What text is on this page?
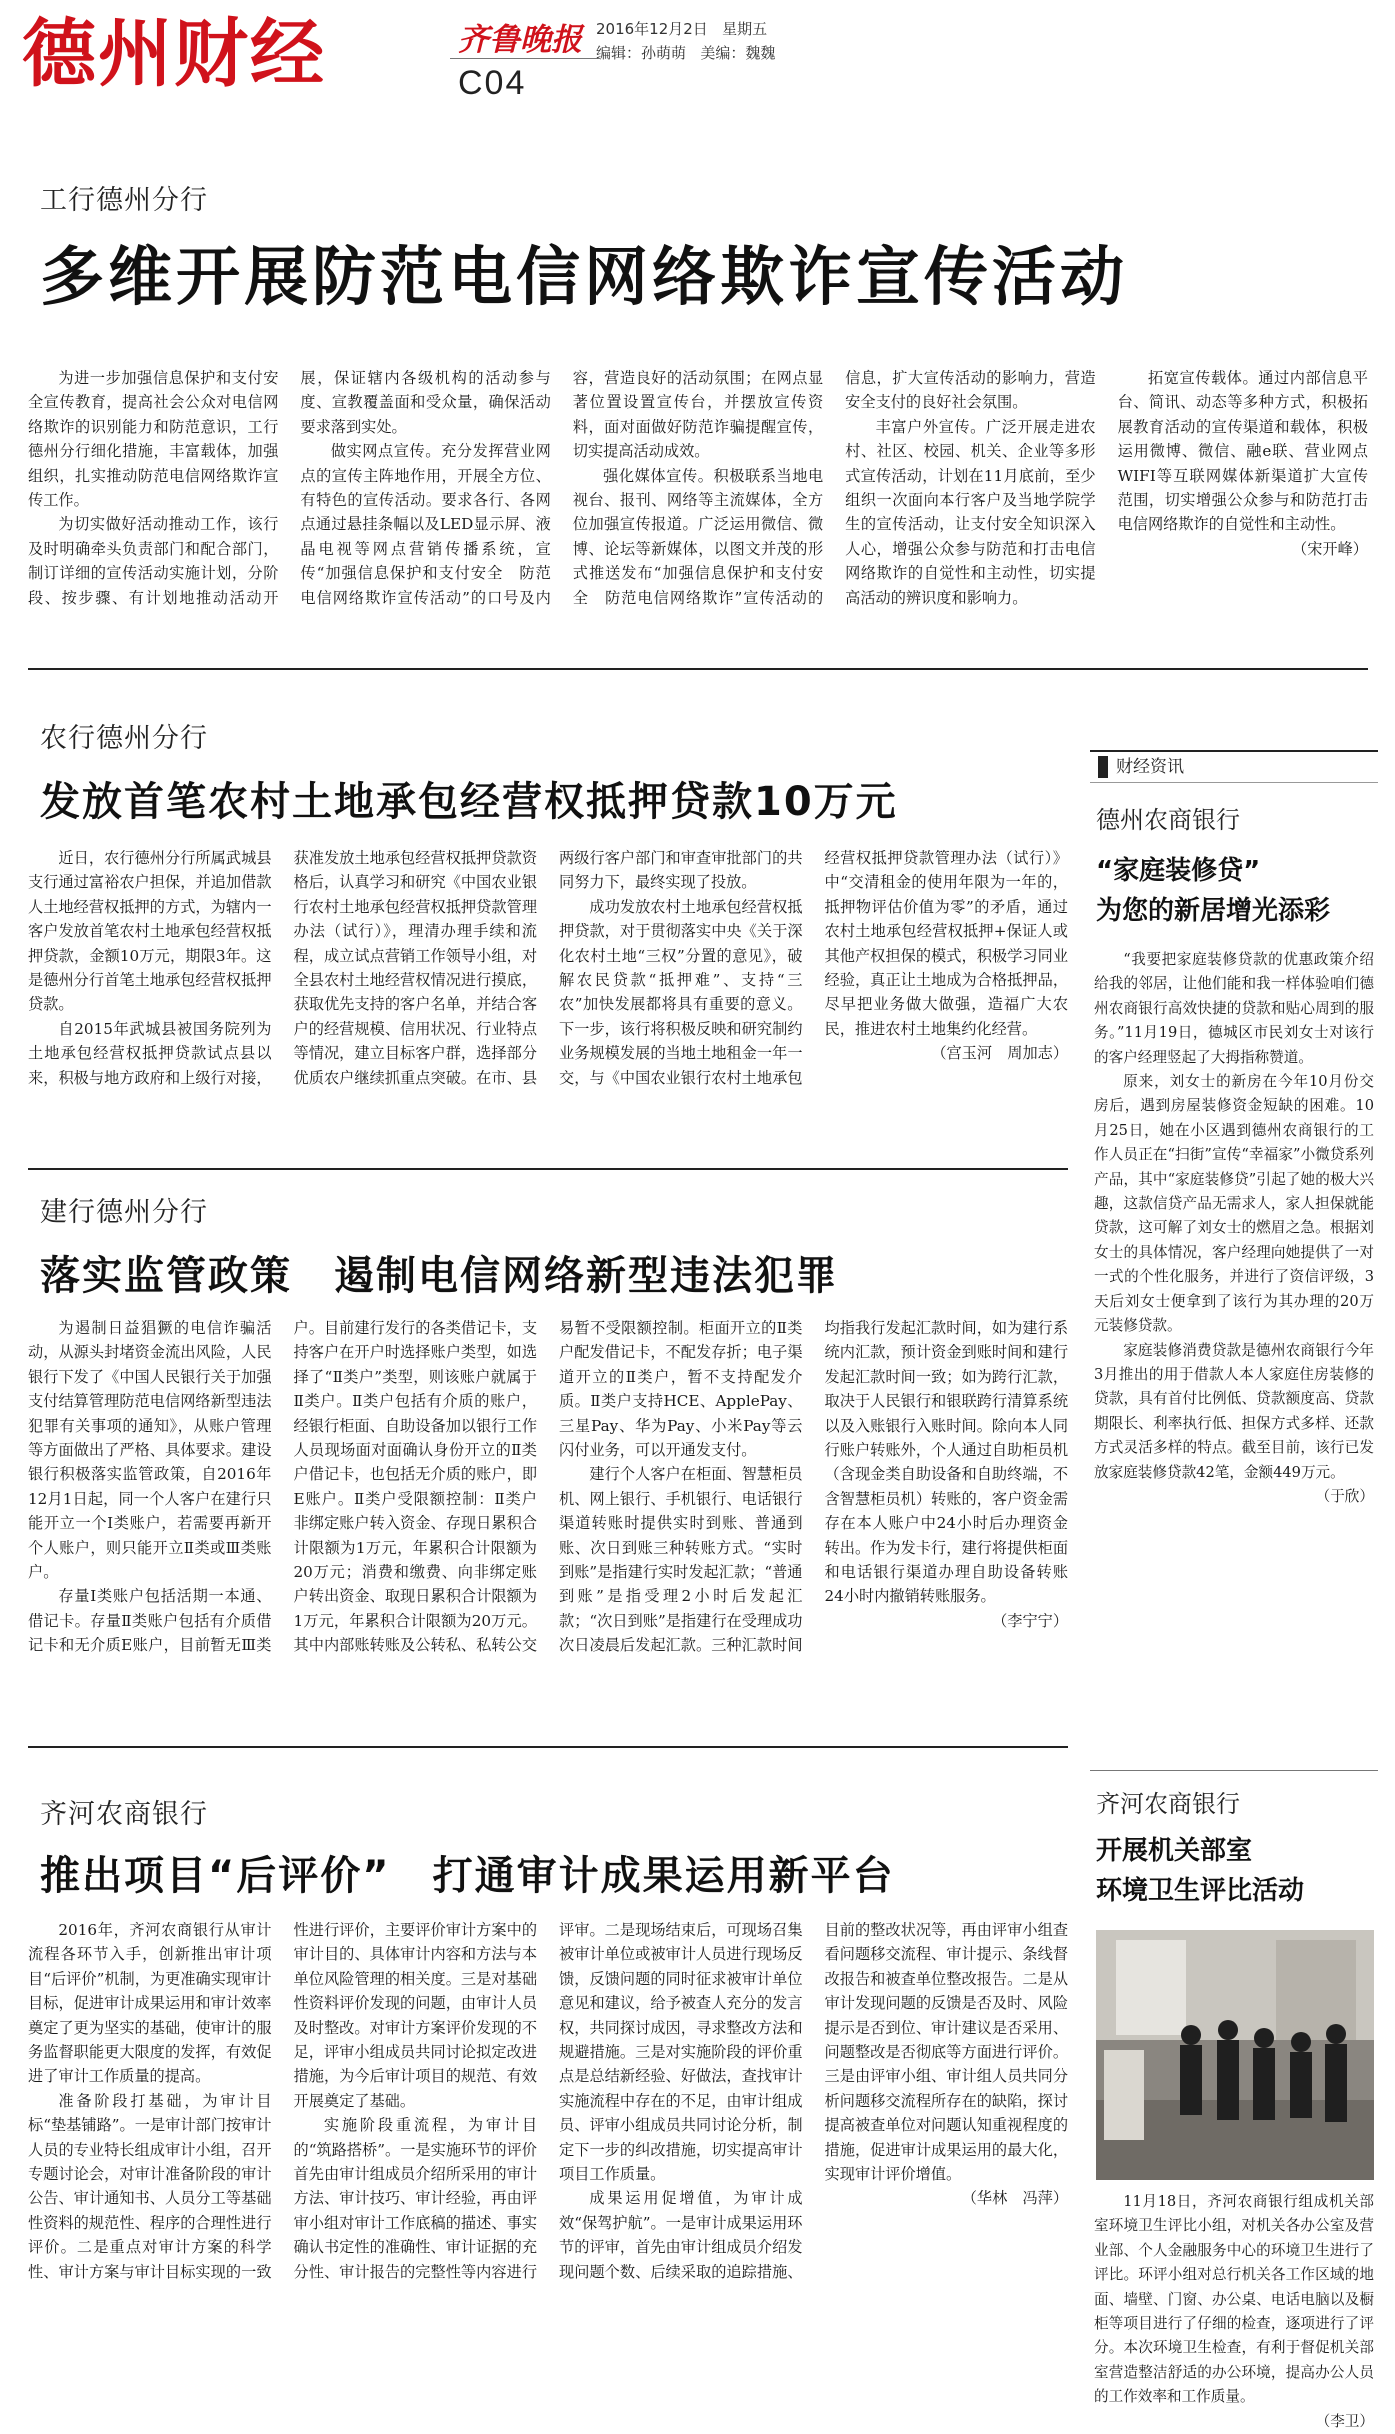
德州财经	齐鲁晚报
C04
2016年12月2日 星期五
编辑：孙萌萌 美编：魏魏
工行德州分行
多维开展防范电信网络欺诈宣传活动

为进一步加强信息保护和支付安全宣传教育，提高社会公众对电信网络欺诈的识别能力和防范意识，工行德州分行细化措施，丰富载体，加强组织，扎实推动防范电信网络欺诈宣传工作。

为切实做好活动推动工作，该行及时明确牵头负责部门和配合部门，制订详细的宣传活动实施计划，分阶段、按步骤、有计划地推动活动开展，保证辖内各级机构的活动参与度、宣教覆盖面和受众量，确保活动要求落到实处。

做实网点宣传。充分发挥营业网点的宣传主阵地作用，开展全方位、有特色的宣传活动。要求各行、各网点通过悬挂条幅以及LED显示屏、液晶电视等网点营销传播系统，宣传“加强信息保护和支付安全　防范电信网络欺诈宣传活动”的口号及内容，营造良好的活动氛围；在网点显著位置设置宣传台，并摆放宣传资料，面对面做好防范诈骗提醒宣传，切实提高活动成效。

强化媒体宣传。积极联系当地电视台、报刊、网络等主流媒体，全方位加强宣传报道。广泛运用微信、微博、论坛等新媒体，以图文并茂的形式推送发布“加强信息保护和支付安全　防范电信网络欺诈”宣传活动的信息，扩大宣传活动的影响力，营造安全支付的良好社会氛围。

丰富户外宣传。广泛开展走进农村、社区、校园、机关、企业等多形式宣传活动，计划在11月底前，至少组织一次面向本行客户及当地学院学生的宣传活动，让支付安全知识深入人心，增强公众参与防范和打击电信网络欺诈的自觉性和主动性，切实提高活动的辨识度和影响力。

拓宽宣传载体。通过内部信息平台、简讯、动态等多种方式，积极拓展教育活动的宣传渠道和载体，积极运用微博、微信、融e联、营业网点WIFI等互联网媒体新渠道扩大宣传范围，切实增强公众参与和防范打击电信网络欺诈的自觉性和主动性。

（宋开峰）
农行德州分行
发放首笔农村土地承包经营权抵押贷款10万元

近日，农行德州分行所属武城县支行通过富裕农户担保，并追加借款人土地经营权抵押的方式，为辖内一客户发放首笔农村土地承包经营权抵押贷款，金额10万元，期限3年。这是德州分行首笔土地承包经营权抵押贷款。

自2015年武城县被国务院列为土地承包经营权抵押贷款试点县以来，积极与地方政府和上级行对接，获准发放土地承包经营权抵押贷款资格后，认真学习和研究《中国农业银行农村土地承包经营权抵押贷款管理办法（试行）》，理清办理手续和流程，成立试点营销工作领导小组，对全县农村土地经营权情况进行摸底，获取优先支持的客户名单，并结合客户的经营规模、信用状况、行业特点等情况，建立目标客户群，选择部分优质农户继续抓重点突破。在市、县两级行客户部门和审查审批部门的共同努力下，最终实现了投放。

成功发放农村土地承包经营权抵押贷款，对于贯彻落实中央《关于深化农村土地“三权”分置的意见》，破解农民贷款“抵押难”、支持“三农”加快发展都将具有重要的意义。下一步，该行将积极反映和研究制约业务规模发展的当地土地租金一年一交，与《中国农业银行农村土地承包经营权抵押贷款管理办法（试行）》中“交清租金的使用年限为一年的，抵押物评估价值为零”的矛盾，通过农村土地承包经营权抵押+保证人或其他产权担保的模式，积极学习同业经验，真正让土地成为合格抵押品，尽早把业务做大做强，造福广大农民，推进农村土地集约化经营。

（宫玉河　周加志）
建行德州分行
落实监管政策　遏制电信网络新型违法犯罪

为遏制日益猖獗的电信诈骗活动，从源头封堵资金流出风险，人民银行下发了《中国人民银行关于加强支付结算管理防范电信网络新型违法犯罪有关事项的通知》，从账户管理等方面做出了严格、具体要求。建设银行积极落实监管政策，自2016年12月1日起，同一个人客户在建行只能开立一个Ⅰ类账户，若需要再新开个人账户，则只能开立Ⅱ类或Ⅲ类账户。

存量Ⅰ类账户包括活期一本通、借记卡。存量Ⅱ类账户包括有介质借记卡和无介质E账户，目前暂无Ⅲ类户。目前建行发行的各类借记卡，支持客户在开户时选择账户类型，如选择了“Ⅱ类户”类型，则该账户就属于Ⅱ类户。Ⅱ类户包括有介质的账户，经银行柜面、自助设备加以银行工作人员现场面对面确认身份开立的Ⅱ类户借记卡，也包括无介质的账户，即E账户。Ⅱ类户受限额控制：Ⅱ类户非绑定账户转入资金、存现日累积合计限额为1万元，年累积合计限额为20万元；消费和缴费、向非绑定账户转出资金、取现日累积合计限额为1万元，年累积合计限额为20万元。其中内部账转账及公转私、私转公交易暂不受限额控制。柜面开立的Ⅱ类户配发借记卡，不配发存折；电子渠道开立的Ⅱ类户，暂不支持配发介质。Ⅱ类户支持HCE、ApplePay、三星Pay、华为Pay、小米Pay等云闪付业务，可以开通发支付。

建行个人客户在柜面、智慧柜员机、网上银行、手机银行、电话银行渠道转账时提供实时到账、普通到账、次日到账三种转账方式。“实时到账”是指建行实时发起汇款；“普通到账”是指受理2小时后发起汇款；“次日到账”是指建行在受理成功次日凌晨后发起汇款。三种汇款时间均指我行发起汇款时间，如为建行系统内汇款，预计资金到账时间和建行发起汇款时间一致；如为跨行汇款，取决于人民银行和银联跨行清算系统以及入账银行入账时间。除向本人同行账户转账外，个人通过自助柜员机（含现金类自助设备和自助终端，不含智慧柜员机）转账的，客户资金需存在本人账户中24小时后办理资金转出。作为发卡行，建行将提供柜面和电话银行渠道办理自助设备转账24小时内撤销转账服务。

（李宁宁）
齐河农商银行
推出项目“后评价”　打通审计成果运用新平台

2016年，齐河农商银行从审计流程各环节入手，创新推出审计项目“后评价”机制，为更准确实现审计目标，促进审计成果运用和审计效率奠定了更为坚实的基础，使审计的服务监督职能更大限度的发挥，有效促进了审计工作质量的提高。

准备阶段打基础，为审计目标“垫基铺路”。一是审计部门按审计人员的专业特长组成审计小组，召开专题讨论会，对审计准备阶段的审计公告、审计通知书、人员分工等基础性资料的规范性、程序的合理性进行评价。二是重点对审计方案的科学性、审计方案与审计目标实现的一致性进行评价，主要评价审计方案中的审计目的、具体审计内容和方法与本单位风险管理的相关度。三是对基础性资料评价发现的问题，由审计人员及时整改。对审计方案评价发现的不足，评审小组成员共同讨论拟定改进措施，为今后审计项目的规范、有效开展奠定了基础。

实施阶段重流程，为审计目的“筑路搭桥”。一是实施环节的评价首先由审计组成员介绍所采用的审计方法、审计技巧、审计经验，再由评审小组对审计工作底稿的描述、事实确认书定性的准确性、审计证据的充分性、审计报告的完整性等内容进行评审。二是现场结束后，可现场召集被审计单位或被审计人员进行现场反馈，反馈问题的同时征求被审计单位意见和建议，给予被查人充分的发言权，共同探讨成因，寻求整改方法和规避措施。三是对实施阶段的评价重点是总结新经验、好做法，查找审计实施流程中存在的不足，由审计组成员、评审小组成员共同讨论分析，制定下一步的纠改措施，切实提高审计项目工作质量。

成果运用促增值，为审计成效“保驾护航”。一是审计成果运用环节的评审，首先由审计组成员介绍发现问题个数、后续采取的追踪措施、目前的整改状况等，再由评审小组查看问题移交流程、审计提示、条线督改报告和被查单位整改报告。二是从审计发现问题的反馈是否及时、风险提示是否到位、审计建议是否采用、问题整改是否彻底等方面进行评价。三是由评审小组、审计组人员共同分析问题移交流程所存在的缺陷，探讨提高被查单位对问题认知重视程度的措施，促进审计成果运用的最大化，实现审计评价增值。

（华林　冯萍）
财经资讯
德州农商银行
“家庭装修贷”
为您的新居增光添彩

“我要把家庭装修贷款的优惠政策介绍给我的邻居，让他们能和我一样体验咱们德州农商银行高效快捷的贷款和贴心周到的服务。”11月19日，德城区市民刘女士对该行的客户经理竖起了大拇指称赞道。

原来，刘女士的新房在今年10月份交房后，遇到房屋装修资金短缺的困难。10月25日，她在小区遇到德州农商银行的工作人员正在“扫街”宣传“幸福家”小微贷系列产品，其中“家庭装修贷”引起了她的极大兴趣，这款信贷产品无需求人，家人担保就能贷款，这可解了刘女士的燃眉之急。根据刘女士的具体情况，客户经理向她提供了一对一式的个性化服务，并进行了资信评级，3天后刘女士便拿到了该行为其办理的20万元装修贷款。

家庭装修消费贷款是德州农商银行今年3月推出的用于借款人本人家庭住房装修的贷款，具有首付比例低、贷款额度高、贷款期限长、利率执行低、担保方式多样、还款方式灵活多样的特点。截至目前，该行已发放家庭装修贷款42笔，金额449万元。

（于欣）
齐河农商银行
开展机关部室
环境卫生评比活动

11月18日，齐河农商银行组成机关部室环境卫生评比小组，对机关各办公室及营业部、个人金融服务中心的环境卫生进行了评比。环评小组对总行机关各工作区域的地面、墙壁、门窗、办公桌、电话电脑以及橱柜等项目进行了仔细的检查，逐项进行了评分。本次环境卫生检查，有利于督促机关部室营造整洁舒适的办公环境，提高办公人员的工作效率和工作质量。

（李卫）
